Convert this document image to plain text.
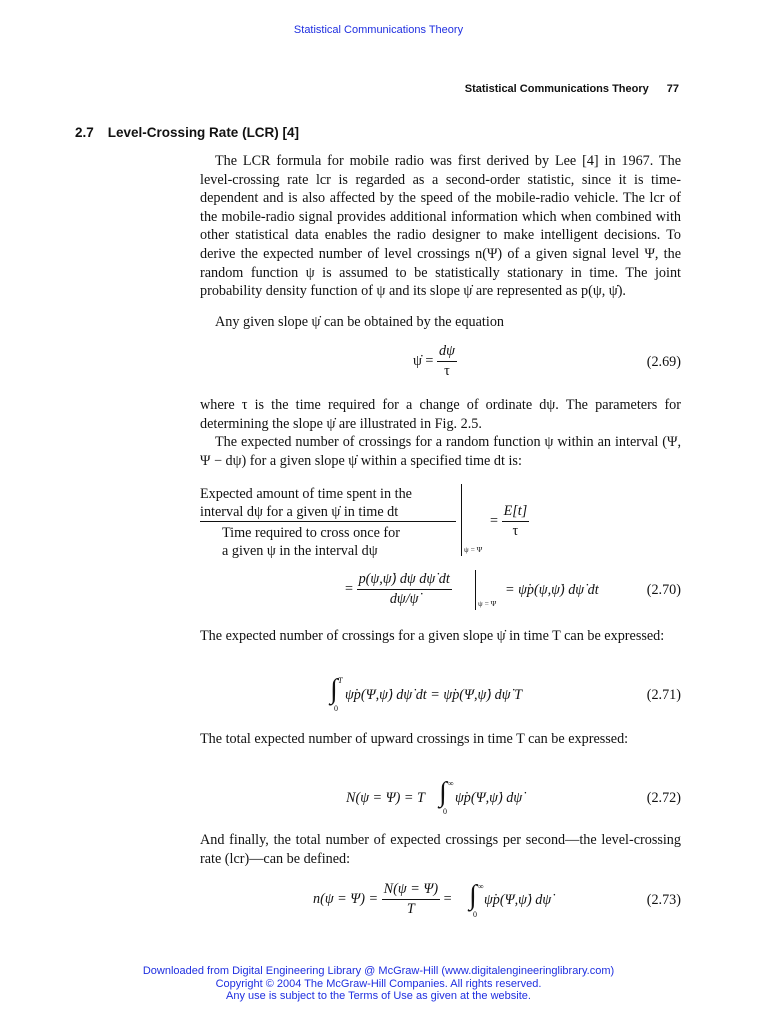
Statistical Communications Theory
Statistical Communications Theory 77
2.7 Level-Crossing Rate (LCR) [4]
The LCR formula for mobile radio was first derived by Lee [4] in 1967. The level-crossing rate lcr is regarded as a second-order statistic, since it is time-dependent and is also affected by the speed of the mobile-radio vehicle. The lcr of the mobile-radio signal provides additional information which when combined with other statistical data enables the radio designer to make intelligent decisions. To derive the expected number of level crossings n(Ψ) of a given signal level Ψ, the random function ψ is assumed to be statistically stationary in time. The joint probability density function of ψ and its slope ψ̇ are represented as p(ψ, ψ̇).
Any given slope ψ̇ can be obtained by the equation
ψ̇ = $\frac{d\psi}{\tau}$	(2.69)
where τ is the time required for a change of ordinate dψ. The parameters for determining the slope ψ̇ are illustrated in Fig. 2.5.
The expected number of crossings for a random function ψ within an interval (Ψ, Ψ − dψ) for a given slope ψ̇ within a specified time dt is:
Expected amount of time spent in the
interval dψ for a given ψ̇ in time dt
Time required to cross once for
a given ψ in the interval dψ	ψ = Ψ
= $\frac{E[t]}{\tau}$
= $\frac{\text{p(ψ,ψ̇) dψ dψ̇ dt}}{d\psi/\psi̇}$	ψ = Ψ
= ψ̇p(ψ,ψ̇) dψ̇ dt	(2.70)
The expected number of crossings for a given slope ψ̇ in time T can be expressed:
∫ T
0
ψ̇p(Ψ,ψ̇) dψ̇ dt = ψ̇p(Ψ,ψ̇) dψ̇ T	(2.71)
The total expected number of upward crossings in time T can be expressed:
N(ψ = Ψ) = T ∫ ∞
0
ψ̇p(Ψ,ψ̇) dψ̇	(2.72)
And finally, the total number of expected crossings per second—the level-crossing rate (lcr)—can be defined:
$n(\psi = \Psi) = \frac{N(\psi = \Psi)}{T}$ = ∫ ∞
0
ψ̇p(Ψ,ψ̇) dψ̇	(2.73)
Downloaded from Digital Engineering Library @ McGraw-Hill (www.digitalengineeringlibrary.com)
Copyright © 2004 The McGraw-Hill Companies. All rights reserved.
Any use is subject to the Terms of Use as given at the website.
